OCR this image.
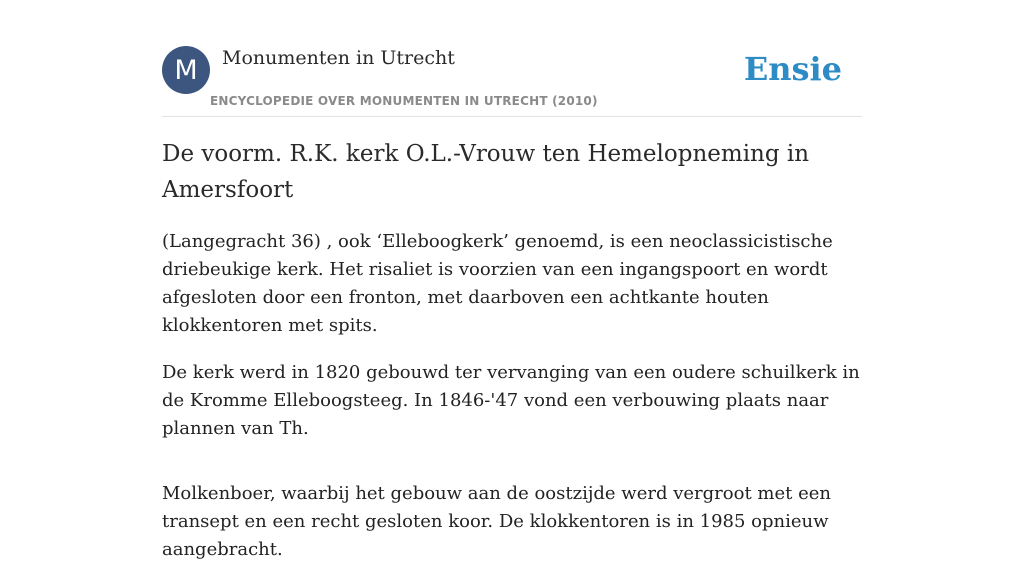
M	Monumenten in Utrecht
ENCYCLOPEDIE OVER MONUMENTEN IN UTRECHT (2010)
Ensie
De voorm. R.K. kerk O.L.-Vrouw ten Hemelopneming in Amersfoort

(Langegracht 36) , ook ‘Elleboogkerk’ genoemd, is een neoclassicistische driebeukige kerk. Het risaliet is voorzien van een ingangspoort en wordt afgesloten door een fronton, met daarboven een achtkante houten klokkentoren met spits.

De kerk werd in 1820 gebouwd ter vervanging van een oudere schuilkerk in de Kromme Elleboogsteeg. In 1846-'47 vond een verbouwing plaats naar plannen van Th.

Molkenboer, waarbij het gebouw aan de oostzijde werd vergroot met een transept en een recht gesloten koor. De klokkentoren is in 1985 opnieuw aangebracht.
